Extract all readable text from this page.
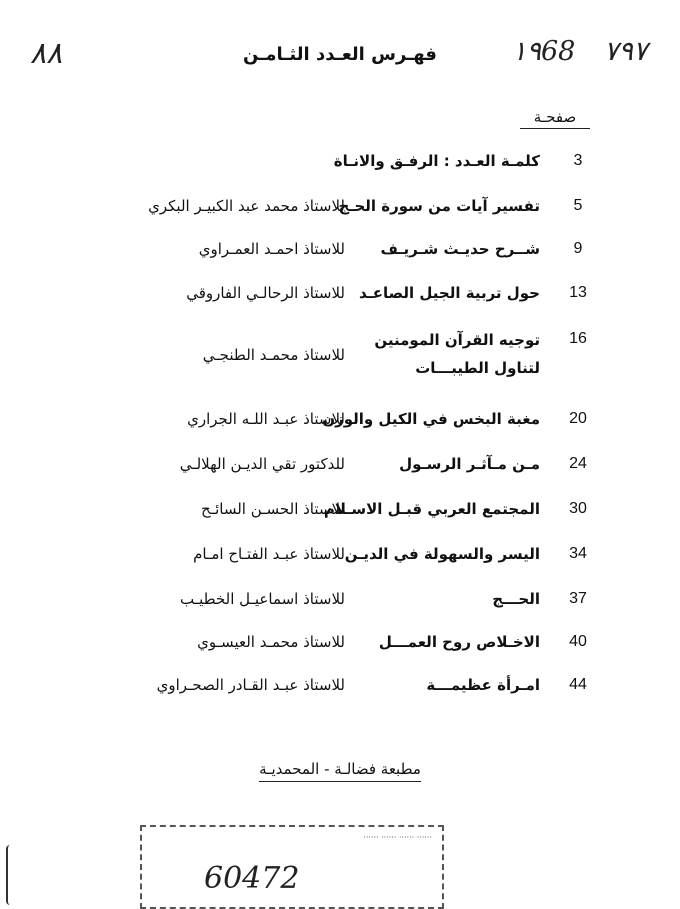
٨٨	فهـرس العـدد الثـامـن	١٩68 ٧٩٧
صفحـة
3
كلمـة العـدد : الرفـق والانـاة
5
تفسير آيات من سورة الحـج
للاستاذ محمد عبد الكبيـر البكري
9
شــرح حديـث شـريـف
للاستاذ احمـد العمـراوي
13
حول تربية الجيل الصاعـد
للاستاذ الرحالـي الفاروقي
16
توجيه القرآن المومنين لتناول الطيبـــات
للاستاذ محمـد الطنجـي
20
مغبة البخس في الكيل والوزن
للاستاذ عبـد اللـه الجراري
24
مـن مـآثـر الرسـول
للدكتور تقي الديـن الهلالـي
30
المجتمع العربي قبـل الاسـلام
للاستاذ الحسـن السائـح
34
اليسر والسهولة في الديـن
للاستاذ عبـد الفتـاح امـام
37
الحـــج
للاستاذ اسماعيـل الخطيـب
40
الاخـلاص روح العمـــل
للاستاذ محمـد العيسـوي
44
امـرأة عظيمـــة
للاستاذ عبـد القـادر الصحـراوي
مطبعة فضالـة - المحمديـة
······ ······ ······ ······
60472
